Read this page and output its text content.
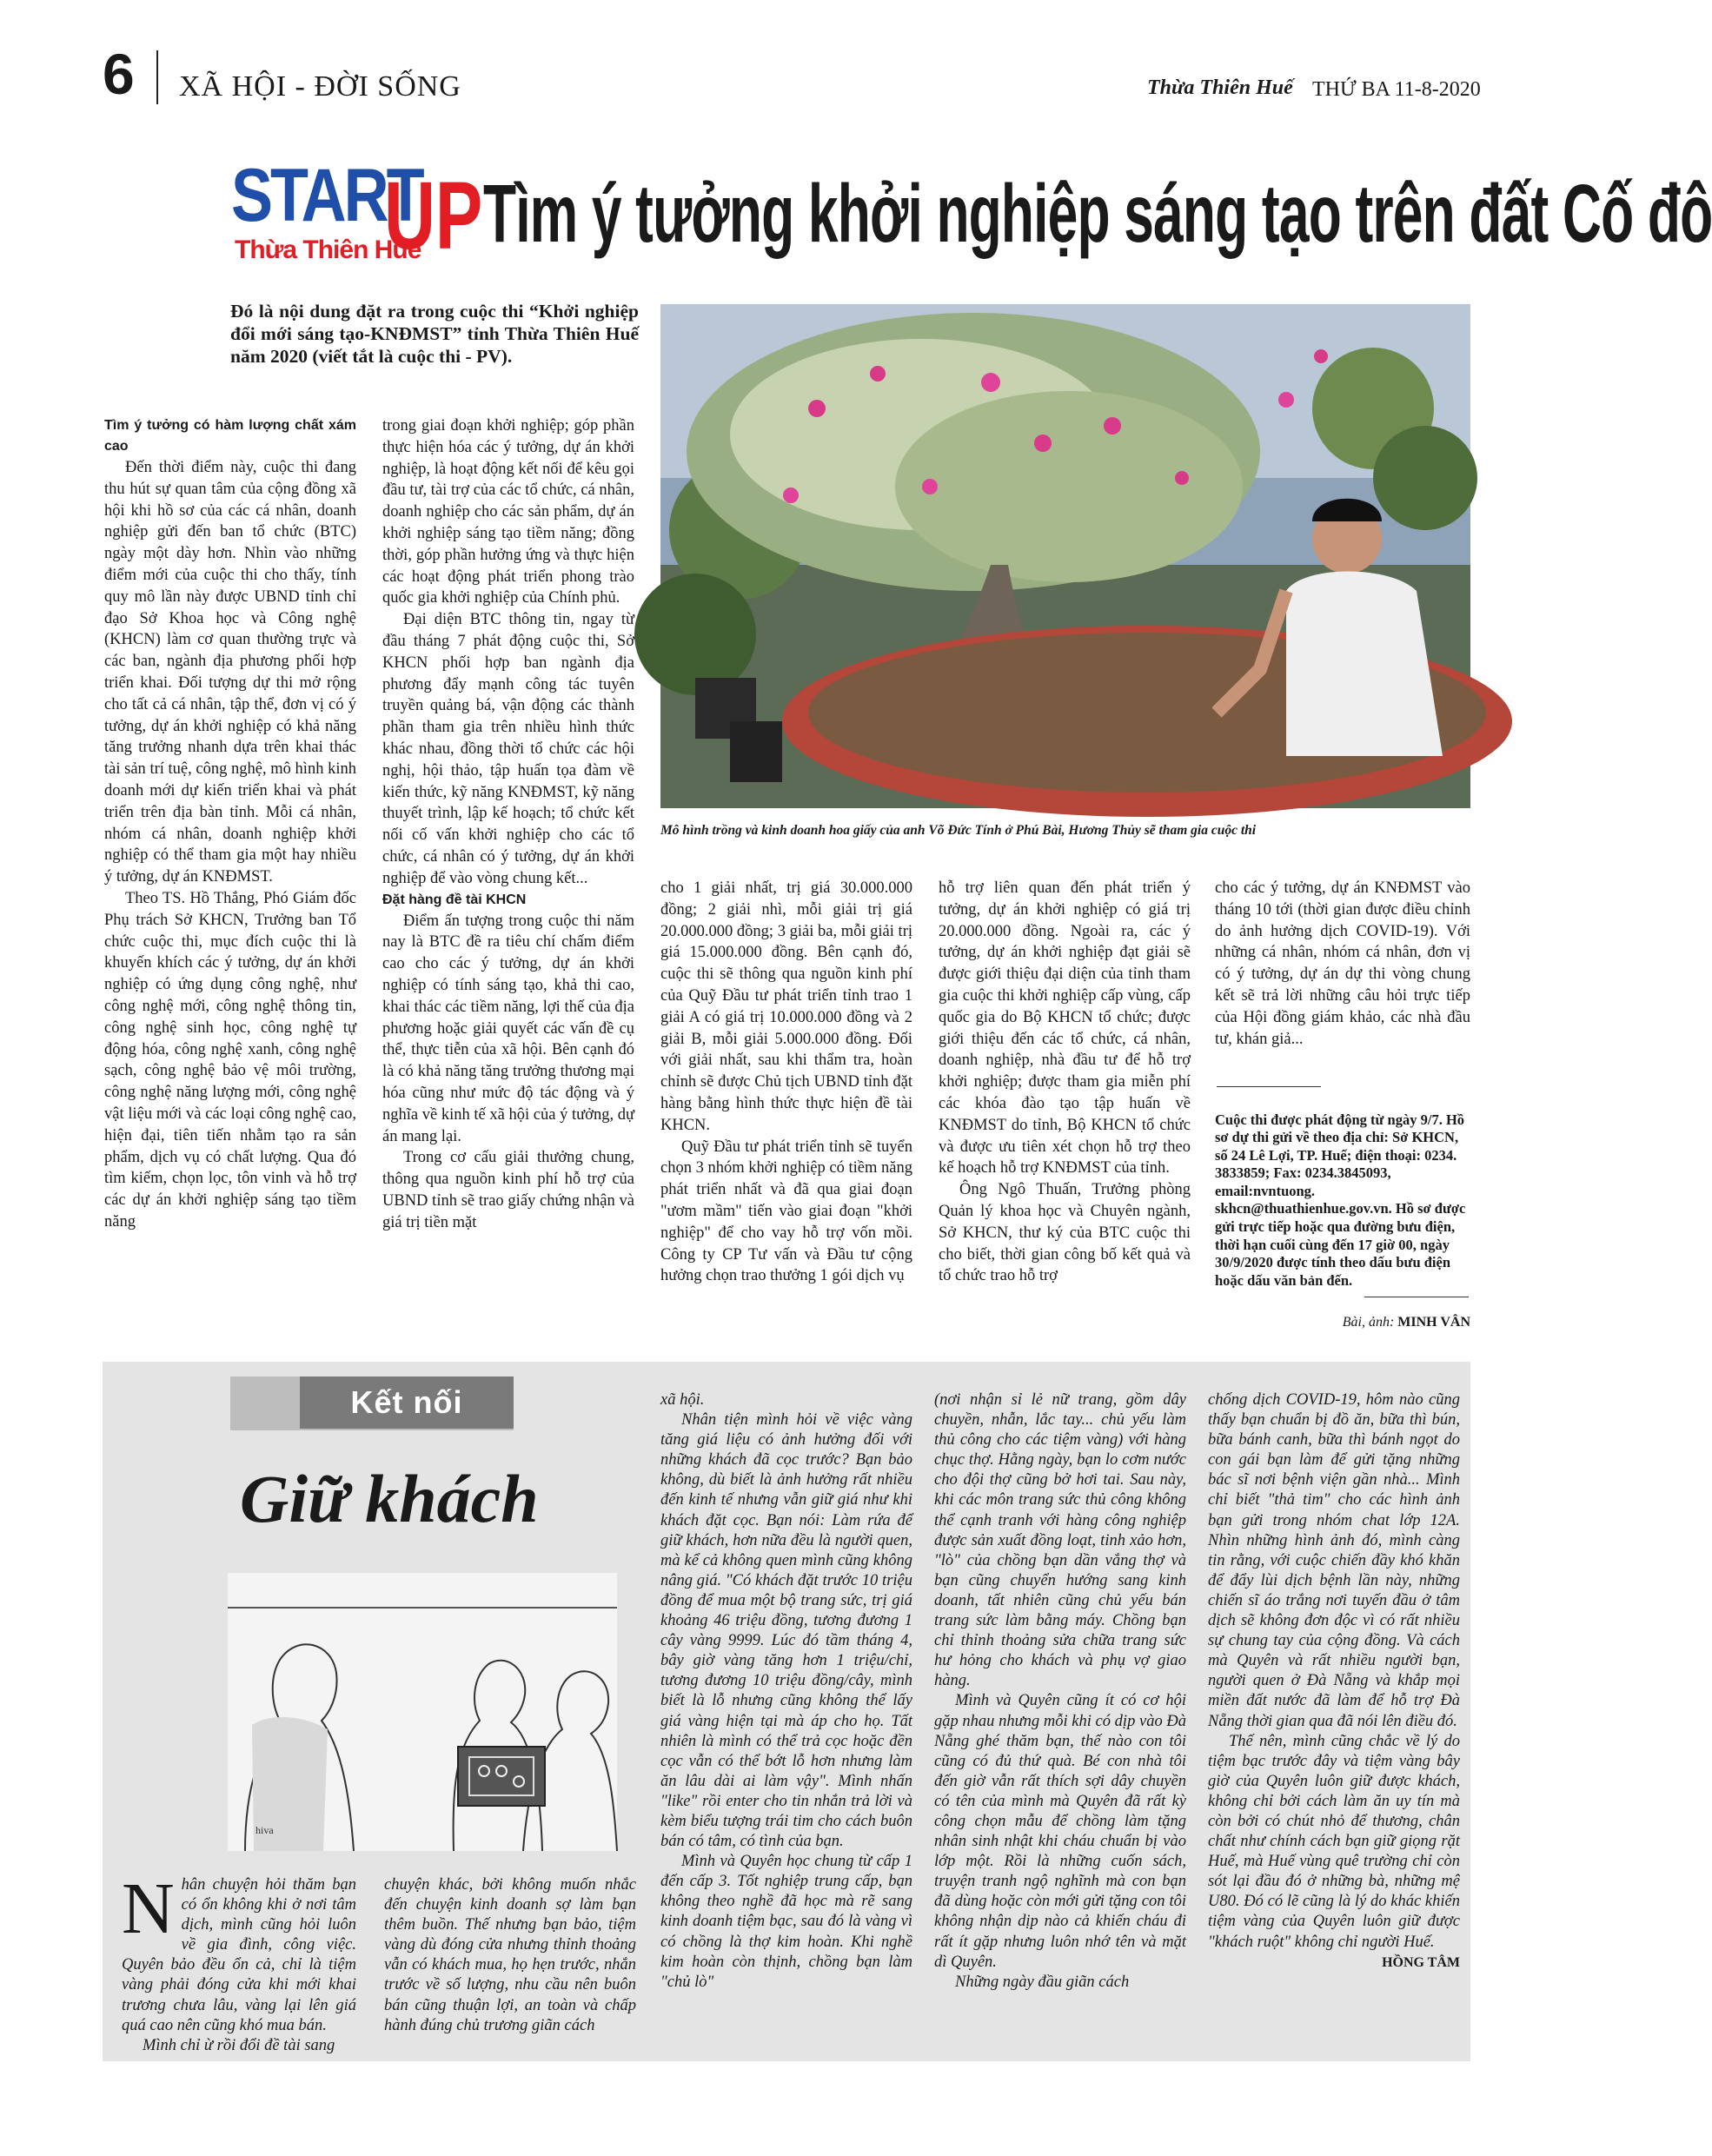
6 XÃ HỘI - ĐỜI SỐNG	Thừa Thiên Huế THỨ BA 11-8-2020
START
UP
Thừa Thiên Huế Tìm ý tưởng khởi nghiệp sáng tạo trên đất Cố đô
Đó là nội dung đặt ra trong cuộc thi “Khởi nghiệp đổi mới sáng tạo-KNĐMST” tỉnh Thừa Thiên Huế năm 2020 (viết tắt là cuộc thi - PV).
Mô hình trồng và kinh doanh hoa giấy của anh Võ Đức Tính ở Phú Bài, Hương Thủy sẽ tham gia cuộc thi

Tìm ý tưởng có hàm lượng chất xám cao

Đến thời điểm này, cuộc thi đang thu hút sự quan tâm của cộng đồng xã hội khi hồ sơ của các cá nhân, doanh nghiệp gửi đến ban tổ chức (BTC) ngày một dày hơn. Nhìn vào những điểm mới của cuộc thi cho thấy, tính quy mô lần này được UBND tỉnh chỉ đạo Sở Khoa học và Công nghệ (KHCN) làm cơ quan thường trực và các ban, ngành địa phương phối hợp triển khai. Đối tượng dự thi mở rộng cho tất cả cá nhân, tập thể, đơn vị có ý tưởng, dự án khởi nghiệp có khả năng tăng trưởng nhanh dựa trên khai thác tài sản trí tuệ, công nghệ, mô hình kinh doanh mới dự kiến triển khai và phát triển trên địa bàn tỉnh. Mỗi cá nhân, nhóm cá nhân, doanh nghiệp khởi nghiệp có thể tham gia một hay nhiều ý tưởng, dự án KNĐMST.

Theo TS. Hồ Thắng, Phó Giám đốc Phụ trách Sở KHCN, Trưởng ban Tổ chức cuộc thi, mục đích cuộc thi là khuyến khích các ý tưởng, dự án khởi nghiệp có ứng dụng công nghệ, như công nghệ mới, công nghệ thông tin, công nghệ sinh học, công nghệ tự động hóa, công nghệ xanh, công nghệ sạch, công nghệ bảo vệ môi trường, công nghệ năng lượng mới, công nghệ vật liệu mới và các loại công nghệ cao, hiện đại, tiên tiến nhằm tạo ra sản phẩm, dịch vụ có chất lượng. Qua đó tìm kiếm, chọn lọc, tôn vinh và hỗ trợ các dự án khởi nghiệp sáng tạo tiềm năng

trong giai đoạn khởi nghiệp; góp phần thực hiện hóa các ý tưởng, dự án khởi nghiệp, là hoạt động kết nối để kêu gọi đầu tư, tài trợ của các tổ chức, cá nhân, doanh nghiệp cho các sản phẩm, dự án khởi nghiệp sáng tạo tiềm năng; đồng thời, góp phần hưởng ứng và thực hiện các hoạt động phát triển phong trào quốc gia khởi nghiệp của Chính phủ.

Đại diện BTC thông tin, ngay từ đầu tháng 7 phát động cuộc thi, Sở KHCN phối hợp ban ngành địa phương đẩy mạnh công tác tuyên truyền quảng bá, vận động các thành phần tham gia trên nhiều hình thức khác nhau, đồng thời tổ chức các hội nghị, hội thảo, tập huấn tọa đàm về kiến thức, kỹ năng KNĐMST, kỹ năng thuyết trình, lập kế hoạch; tổ chức kết nối cố vấn khởi nghiệp cho các tổ chức, cá nhân có ý tưởng, dự án khởi nghiệp để vào vòng chung kết...

Đặt hàng đề tài KHCN

Điểm ấn tượng trong cuộc thi năm nay là BTC đề ra tiêu chí chấm điểm cao cho các ý tưởng, dự án khởi nghiệp có tính sáng tạo, khả thi cao, khai thác các tiềm năng, lợi thế của địa phương hoặc giải quyết các vấn đề cụ thể, thực tiễn của xã hội. Bên cạnh đó là có khả năng tăng trưởng thương mại hóa cũng như mức độ tác động và ý nghĩa về kinh tế xã hội của ý tưởng, dự án mang lại.

Trong cơ cấu giải thưởng chung, thông qua nguồn kinh phí hỗ trợ của UBND tỉnh sẽ trao giấy chứng nhận và giá trị tiền mặt

cho 1 giải nhất, trị giá 30.000.000 đồng; 2 giải nhì, mỗi giải trị giá 20.000.000 đồng; 3 giải ba, mỗi giải trị giá 15.000.000 đồng. Bên cạnh đó, cuộc thi sẽ thông qua nguồn kinh phí của Quỹ Đầu tư phát triển tỉnh trao 1 giải A có giá trị 10.000.000 đồng và 2 giải B, mỗi giải 5.000.000 đồng. Đối với giải nhất, sau khi thẩm tra, hoàn chỉnh sẽ được Chủ tịch UBND tỉnh đặt hàng bằng hình thức thực hiện đề tài KHCN.

Quỹ Đầu tư phát triển tỉnh sẽ tuyển chọn 3 nhóm khởi nghiệp có tiềm năng phát triển nhất và đã qua giai đoạn "ươm mầm" tiến vào giai đoạn "khởi nghiệp" để cho vay hỗ trợ vốn mồi. Công ty CP Tư vấn và Đầu tư cộng hưởng chọn trao thưởng 1 gói dịch vụ

hỗ trợ liên quan đến phát triển ý tưởng, dự án khởi nghiệp có giá trị 20.000.000 đồng. Ngoài ra, các ý tưởng, dự án khởi nghiệp đạt giải sẽ được giới thiệu đại diện của tỉnh tham gia cuộc thi khởi nghiệp cấp vùng, cấp quốc gia do Bộ KHCN tổ chức; được giới thiệu đến các tổ chức, cá nhân, doanh nghiệp, nhà đầu tư để hỗ trợ khởi nghiệp; được tham gia miễn phí các khóa đào tạo tập huấn về KNĐMST do tỉnh, Bộ KHCN tổ chức và được ưu tiên xét chọn hỗ trợ theo kế hoạch hỗ trợ KNĐMST của tỉnh.

Ông Ngô Thuấn, Trưởng phòng Quản lý khoa học và Chuyên ngành, Sở KHCN, thư ký của BTC cuộc thi cho biết, thời gian công bố kết quả và tổ chức trao hỗ trợ

cho các ý tưởng, dự án KNĐMST vào tháng 10 tới (thời gian được điều chỉnh do ảnh hưởng dịch COVID-19). Với những cá nhân, nhóm cá nhân, đơn vị có ý tưởng, dự án dự thi vòng chung kết sẽ trả lời những câu hỏi trực tiếp của Hội đồng giám khảo, các nhà đầu tư, khán giả...

Cuộc thi được phát động từ ngày 9/7. Hồ sơ dự thi gửi về theo địa chỉ: Sở KHCN, số 24 Lê Lợi, TP. Huế; điện thoại: 0234. 3833859; Fax: 0234.3845093, email:nvntuong. skhcn@thuathienhue.gov.vn. Hồ sơ được gửi trực tiếp hoặc qua đường bưu điện, thời hạn cuối cùng đến 17 giờ 00, ngày 30/9/2020 được tính theo dấu bưu điện hoặc dấu văn bản đến.

Bài, ảnh: MINH VÂN
Kết nối
Giữ khách
hiva

Nhân chuyện hỏi thăm bạn có ổn không khi ở nơi tâm dịch, mình cũng hỏi luôn về gia đình, công việc. Quyên bảo đều ổn cả, chỉ là tiệm vàng phải đóng cửa khi mới khai trương chưa lâu, vàng lại lên giá quá cao nên cũng khó mua bán.

Mình chỉ ừ rồi đổi đề tài sang

chuyện khác, bởi không muốn nhắc đến chuyện kinh doanh sợ làm bạn thêm buồn. Thế nhưng bạn bảo, tiệm vàng dù đóng cửa nhưng thỉnh thoảng vẫn có khách mua, họ hẹn trước, nhắn trước về số lượng, nhu cầu nên buôn bán cũng thuận lợi, an toàn và chấp hành đúng chủ trương giãn cách

xã hội.

Nhân tiện mình hỏi về việc vàng tăng giá liệu có ảnh hưởng đối với những khách đã cọc trước? Bạn bảo không, dù biết là ảnh hưởng rất nhiều đến kinh tế nhưng vẫn giữ giá như khi khách đặt cọc. Bạn nói: Làm rứa để giữ khách, hơn nữa đều là người quen, mà kể cả không quen mình cũng không nâng giá. "Có khách đặt trước 10 triệu đồng để mua một bộ trang sức, trị giá khoảng 46 triệu đồng, tương đương 1 cây vàng 9999. Lúc đó tầm tháng 4, bây giờ vàng tăng hơn 1 triệu/chỉ, tương đương 10 triệu đồng/cây, mình biết là lỗ nhưng cũng không thể lấy giá vàng hiện tại mà áp cho họ. Tất nhiên là mình có thể trả cọc hoặc đền cọc vẫn có thể bớt lỗ hơn nhưng làm ăn lâu dài ai làm vậy". Mình nhấn "like" rồi enter cho tin nhắn trả lời và kèm biểu tượng trái tim cho cách buôn bán có tâm, có tình của bạn.

Mình và Quyên học chung từ cấp 1 đến cấp 3. Tốt nghiệp trung cấp, bạn không theo nghề đã học mà rẽ sang kinh doanh tiệm bạc, sau đó là vàng vì có chồng là thợ kim hoàn. Khi nghề kim hoàn còn thịnh, chồng bạn làm "chủ lò"

(nơi nhận sỉ lẻ nữ trang, gồm dây chuyền, nhẫn, lắc tay... chủ yếu làm thủ công cho các tiệm vàng) với hàng chục thợ. Hằng ngày, bạn lo cơm nước cho đội thợ cũng bở hơi tai. Sau này, khi các môn trang sức thủ công không thể cạnh tranh với hàng công nghiệp được sản xuất đồng loạt, tinh xảo hơn, "lò" của chồng bạn dần vắng thợ và bạn cũng chuyển hướng sang kinh doanh, tất nhiên cũng chủ yếu bán trang sức làm bằng máy. Chồng bạn chỉ thỉnh thoảng sửa chữa trang sức hư hỏng cho khách và phụ vợ giao hàng.

Mình và Quyên cũng ít có cơ hội gặp nhau nhưng mỗi khi có dịp vào Đà Nẵng ghé thăm bạn, thế nào con tôi cũng có đủ thứ quà. Bé con nhà tôi đến giờ vẫn rất thích sợi dây chuyền có tên của mình mà Quyên đã rất kỳ công chọn mẫu để chồng làm tặng nhân sinh nhật khi cháu chuẩn bị vào lớp một. Rồi là những cuốn sách, truyện tranh ngộ nghĩnh mà con bạn đã dùng hoặc còn mới gửi tặng con tôi không nhận dịp nào cả khiến cháu đi rất ít gặp nhưng luôn nhớ tên và mặt dì Quyên.

Những ngày đầu giãn cách

chống dịch COVID-19, hôm nào cũng thấy bạn chuẩn bị đồ ăn, bữa thì bún, bữa bánh canh, bữa thì bánh ngọt do con gái bạn làm để gửi tặng những bác sĩ nơi bệnh viện gần nhà... Mình chỉ biết "thả tim" cho các hình ảnh bạn gửi trong nhóm chat lớp 12A. Nhìn những hình ảnh đó, mình càng tin rằng, với cuộc chiến đầy khó khăn để đẩy lùi dịch bệnh lần này, những chiến sĩ áo trắng nơi tuyến đầu ở tâm dịch sẽ không đơn độc vì có rất nhiều sự chung tay của cộng đồng. Và cách mà Quyên và rất nhiều người bạn, người quen ở Đà Nẵng và khắp mọi miền đất nước đã làm để hỗ trợ Đà Nẵng thời gian qua đã nói lên điều đó.

Thế nên, mình cũng chắc về lý do tiệm bạc trước đây và tiệm vàng bây giờ của Quyên luôn giữ được khách, không chỉ bởi cách làm ăn uy tín mà còn bởi có chút nhỏ để thương, chân chất như chính cách bạn giữ giọng rặt Huế, mà Huế vùng quê trường chỉ còn sót lại đầu đó ở những bà, những mệ U80. Đó có lẽ cũng là lý do khác khiến tiệm vàng của Quyên luôn giữ được "khách ruột" không chỉ người Huế.

HỒNG TÂM
